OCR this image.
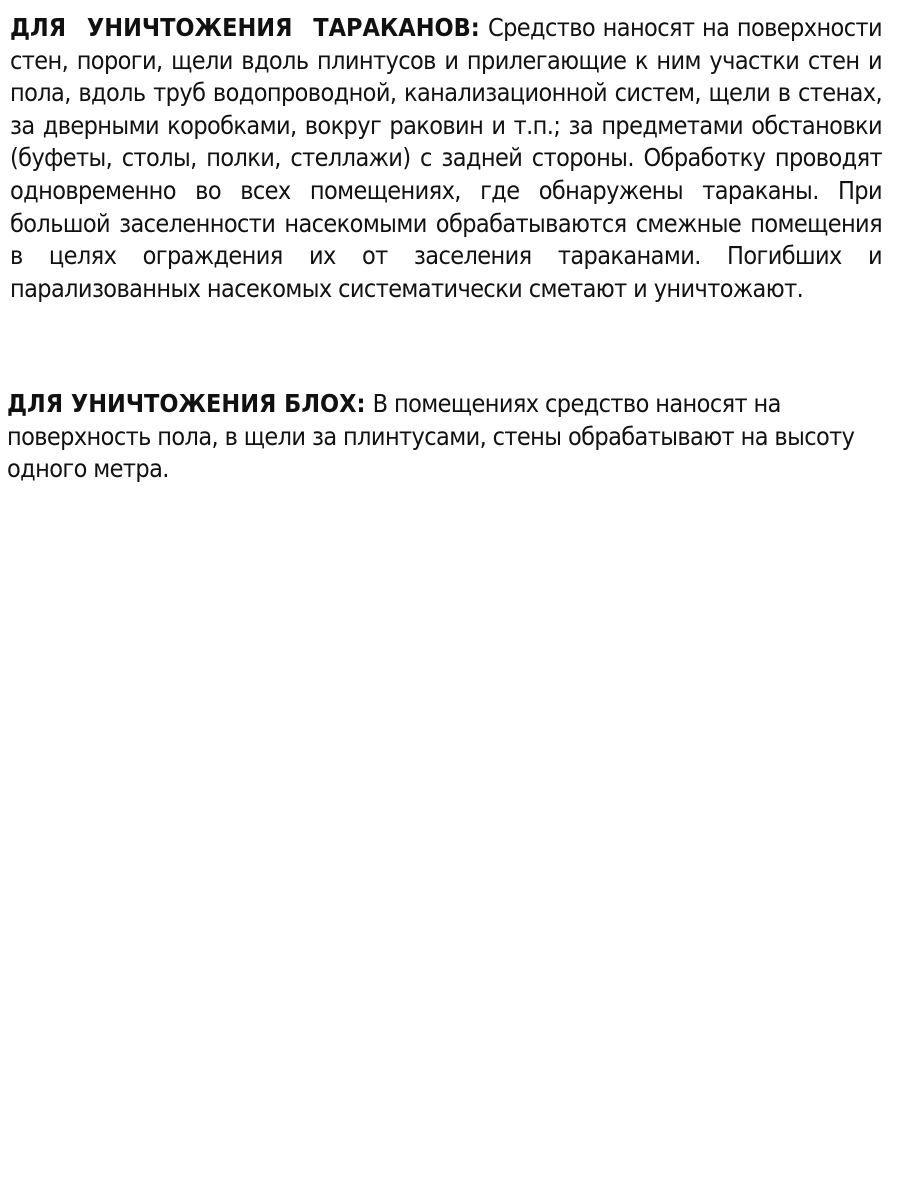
ДЛЯ УНИЧТОЖЕНИЯ ТАРАКАНОВ: Средство наносят на поверхности стен, пороги, щели вдоль плинтусов и прилегающие к ним участки стен и пола, вдоль труб водопроводной, канализационной систем, щели в стенах, за дверными коробками, вокруг раковин и т.п.; за предметами обстановки (буфеты, столы, полки, стеллажи) с задней стороны. Обработку проводят одновременно во всех помещениях, где обнаружены тараканы. При большой заселенности насекомыми обрабатываются смежные помещения в целях ограждения их от заселения тараканами. Погибших и парализованных насекомых систематически сметают и уничтожают.

ДЛЯ УНИЧТОЖЕНИЯ БЛОХ: В помещениях средство наносят на поверхность пола, в щели за плинтусами, стены обрабатывают на высоту одного метра.
